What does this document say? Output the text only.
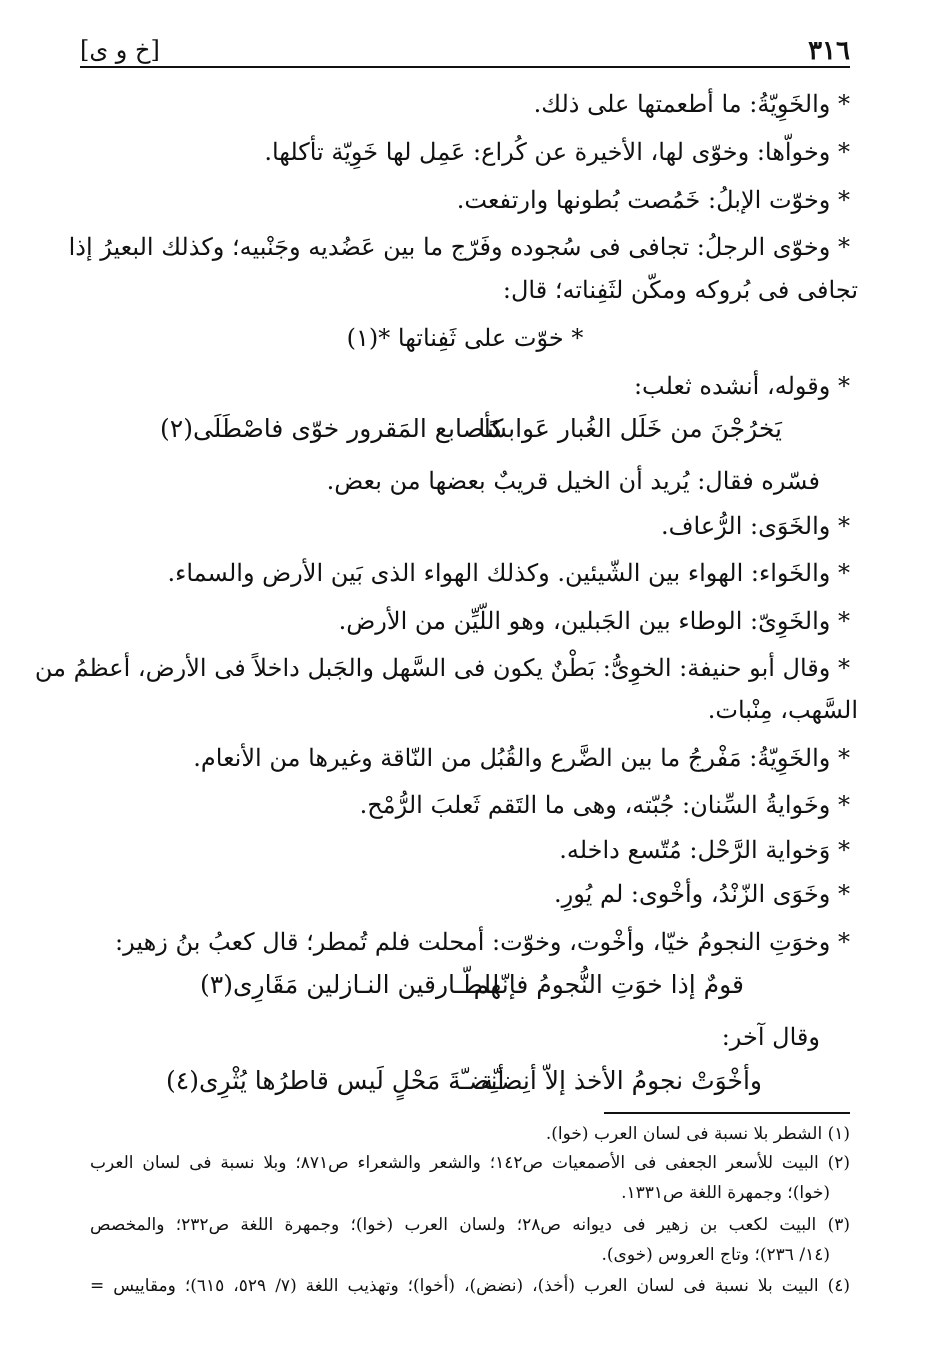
٣١٦
[خ و ی]
* والخَوِيّةُ: ما أطعمتها على ذلك.
* وخواّها: وخوّى لها، الأخيرة عن كُراع: عَمِل لها خَوِيّة تأكلها.
* وخوّت الإبلُ: خَمُصت بُطونها وارتفعت.
* وخوّى الرجلُ: تجافى فى سُجوده وفَرّج ما بين عَضُديه وجَنْبيه؛ وكذلك البعيرُ إذا
تجافى فى بُروكه ومكّن لثَفِناته؛ قال:
* خوّت على ثَفِناتها *(١)
* وقوله، أنشده ثعلب:
يَخرُجْنَ من خَلَل الغُبار عَوابسًا
كأصابع المَقرور خوّى فاصْطَلَى(٢)
فسّره فقال: يُريد أن الخيل قريبٌ بعضها من بعض.
* والخَوَى: الرُّعاف.
* والخَواء: الهواء بين الشّيئين. وكذلك الهواء الذى بَين الأرض والسماء.
* والخَوِىّ: الوطاء بين الجَبلين، وهو اللّيِّن من الأرض.
* وقال أبو حنيفة: الخوِىُّ: بَطْنٌ يكون فى السَّهل والجَبل داخلاً فى الأرض، أعظمُ من
السَّهب، مِنْبات.
* والخَوِيّةُ: مَفْرجُ ما بين الضَّرع والقُبُل من النّاقة وغيرها من الأنعام.
* وخَوايةُ السِّنان: جُبّته، وهى ما التَقم ثَعلبَ الرُّمْح.
* وَخواية الرَّحْل: مُتّسع داخله.
* وخَوَى الزّنْدُ، وأخْوى: لم يُورِ.
* وخوَتِ النجومُ خيّا، وأخْوت، وخوّت: أمحلت فلم تُمطر؛ قال كعبُ بنُ زهير:
قومٌ إذا خوَتِ النُّجومُ فإنّهم
للطّـارقين النـازلين مَقَارِى(٣)
وقال آخر:
وأخْوَتْ نجومُ الأخذ إلاّ أنِضـّة
أنِضـّةَ مَحْلٍ لَيس قاطرُها يُثْرِى(٤)
(١) الشطر بلا نسبة فى لسان العرب (خوا).
(٢) البيت للأسعر الجعفى فى الأصمعيات ص١٤٢؛ والشعر والشعراء ص٨٧١؛ وبلا نسبة فى لسان العرب
(خوا)؛ وجمهرة اللغة ص١٣٣١.
(٣) البيت لكعب بن زهير فى ديوانه ص٢٨؛ ولسان العرب (خوا)؛ وجمهرة اللغة ص٢٣٢؛ والمخصص
(١٤/ ٢٣٦)؛ وتاج العروس (خوى).
(٤) البيت بلا نسبة فى لسان العرب (أخذ)، (نضض)، (أخوا)؛ وتهذيب اللغة (٧/ ٥٢٩، ٦١٥)؛ ومقاييس =
